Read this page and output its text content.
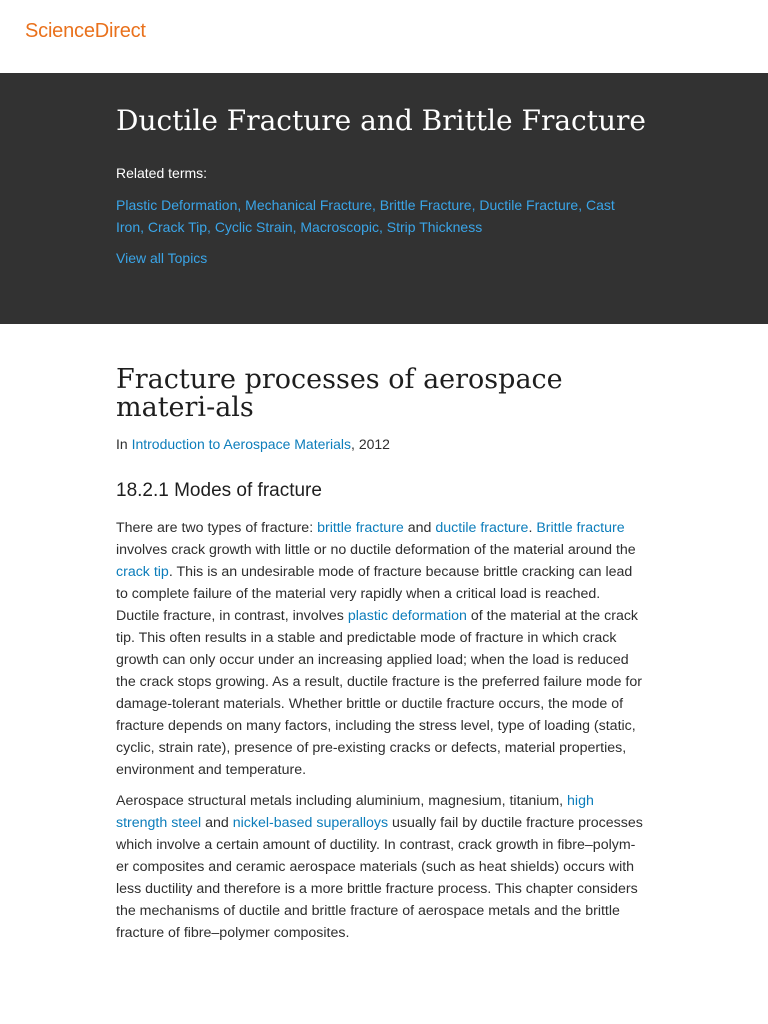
ScienceDirect
Ductile Fracture and Brittle Fracture
Related terms:
Plastic Deformation, Mechanical Fracture, Brittle Fracture, Ductile Fracture, Cast Iron, Crack Tip, Cyclic Strain, Macroscopic, Strip Thickness
View all Topics
Fracture processes of aerospace materi-als
In Introduction to Aerospace Materials, 2012
18.2.1 Modes of fracture

There are two types of fracture: brittle fracture and ductile fracture. Brittle fracture involves crack growth with little or no ductile deformation of the material around the crack tip. This is an undesirable mode of fracture because brittle cracking can lead to complete failure of the material very rapidly when a critical load is reached. Ductile fracture, in contrast, involves plastic deformation of the material at the crack tip. This often results in a stable and predictable mode of fracture in which crack growth can only occur under an increasing applied load; when the load is reduced the crack stops growing. As a result, ductile fracture is the preferred failure mode for damage-tolerant materials. Whether brittle or ductile fracture occurs, the mode of fracture depends on many factors, including the stress level, type of loading (static, cyclic, strain rate), presence of pre-existing cracks or defects, material properties, environment and temperature.

Aerospace structural metals including aluminium, magnesium, titanium, high strength steel and nickel-based superalloys usually fail by ductile fracture processes which involve a certain amount of ductility. In contrast, crack growth in fibre–polym-er composites and ceramic aerospace materials (such as heat shields) occurs with less ductility and therefore is a more brittle fracture process. This chapter considers the mechanisms of ductile and brittle fracture of aerospace metals and the brittle fracture of fibre–polymer composites.
